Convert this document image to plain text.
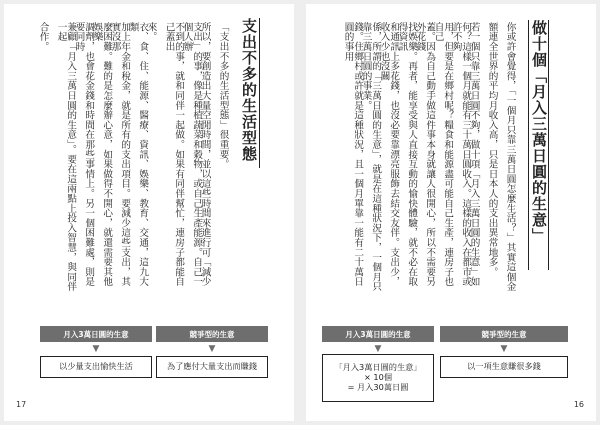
支出不多的生活型態
「支出不多的生活型態」很重要。
所以，要創造出大量空閒時間，並以這些時間來進行可「減少
支出」的事，像是種植蔬菜和穀物，或自己生產能源。自己一個人辦
不到的事，就和同伴一起做。如果有同伴幫忙，連房子都能自己蓋出
來。
衣、食、住、能源、醫療、資訊、娛樂、教育、交通，這九大類
加上年金和稅金，就是所有的支出項目。要減少這些支出，其實沒那
麼困難。難的是怎麼辦心意，如果做得不開心，就還需要其他娛樂
調劑，也會花金錢和時間在那些事情上。另一個困難處，則是要同時
兼顧「月入三萬日圓的生意」。要在這兩點上投入智慧，與同伴一起
合作。
月入3萬日圓的生意
▼
以少量支出愉快生活
競爭型的生意
▼
為了應付大量支出而賺錢
17
做十個「月入三萬日圓的生意」
你或許會覺得，「一個月只靠三萬日圓怎麼生活？」其實這個金
額連全世界的平均月收入高，只是日本人的支出異常地多。
若一個只靠三萬日圓不夠，做十項「月入三萬日圓的生意」如
何？這樣一個月就能有三十萬日圓收入。這樣的收入在都市或許不夠
用，但要是在鄉村呢？糧食和能源盡可能自己生產，連房子也自己
蓋。因為自己動手做這件事本身就讓人很開心，所以不需要另外花錢
找娛樂。再者，能享受與人直接互動的愉快體驗，就不必在取得資訊
和通訊上多花錢，也沒必要靠漂亮服飾去結交友伴。支出少，收入少也沒關
係，所謂的「三萬日圓的生意」，就是在這種狀況下，一個月只靠三萬日圓的事業。
錢。住鄉村或許就是這種狀況，且一個月單靠一能有二十萬日圓的事用
月入3萬日圓的生意
▼
「月入3萬日圓的生意」
× 10個
= 月入30萬日圓
競爭型的生意
▼
以一項生意賺很多錢
16
